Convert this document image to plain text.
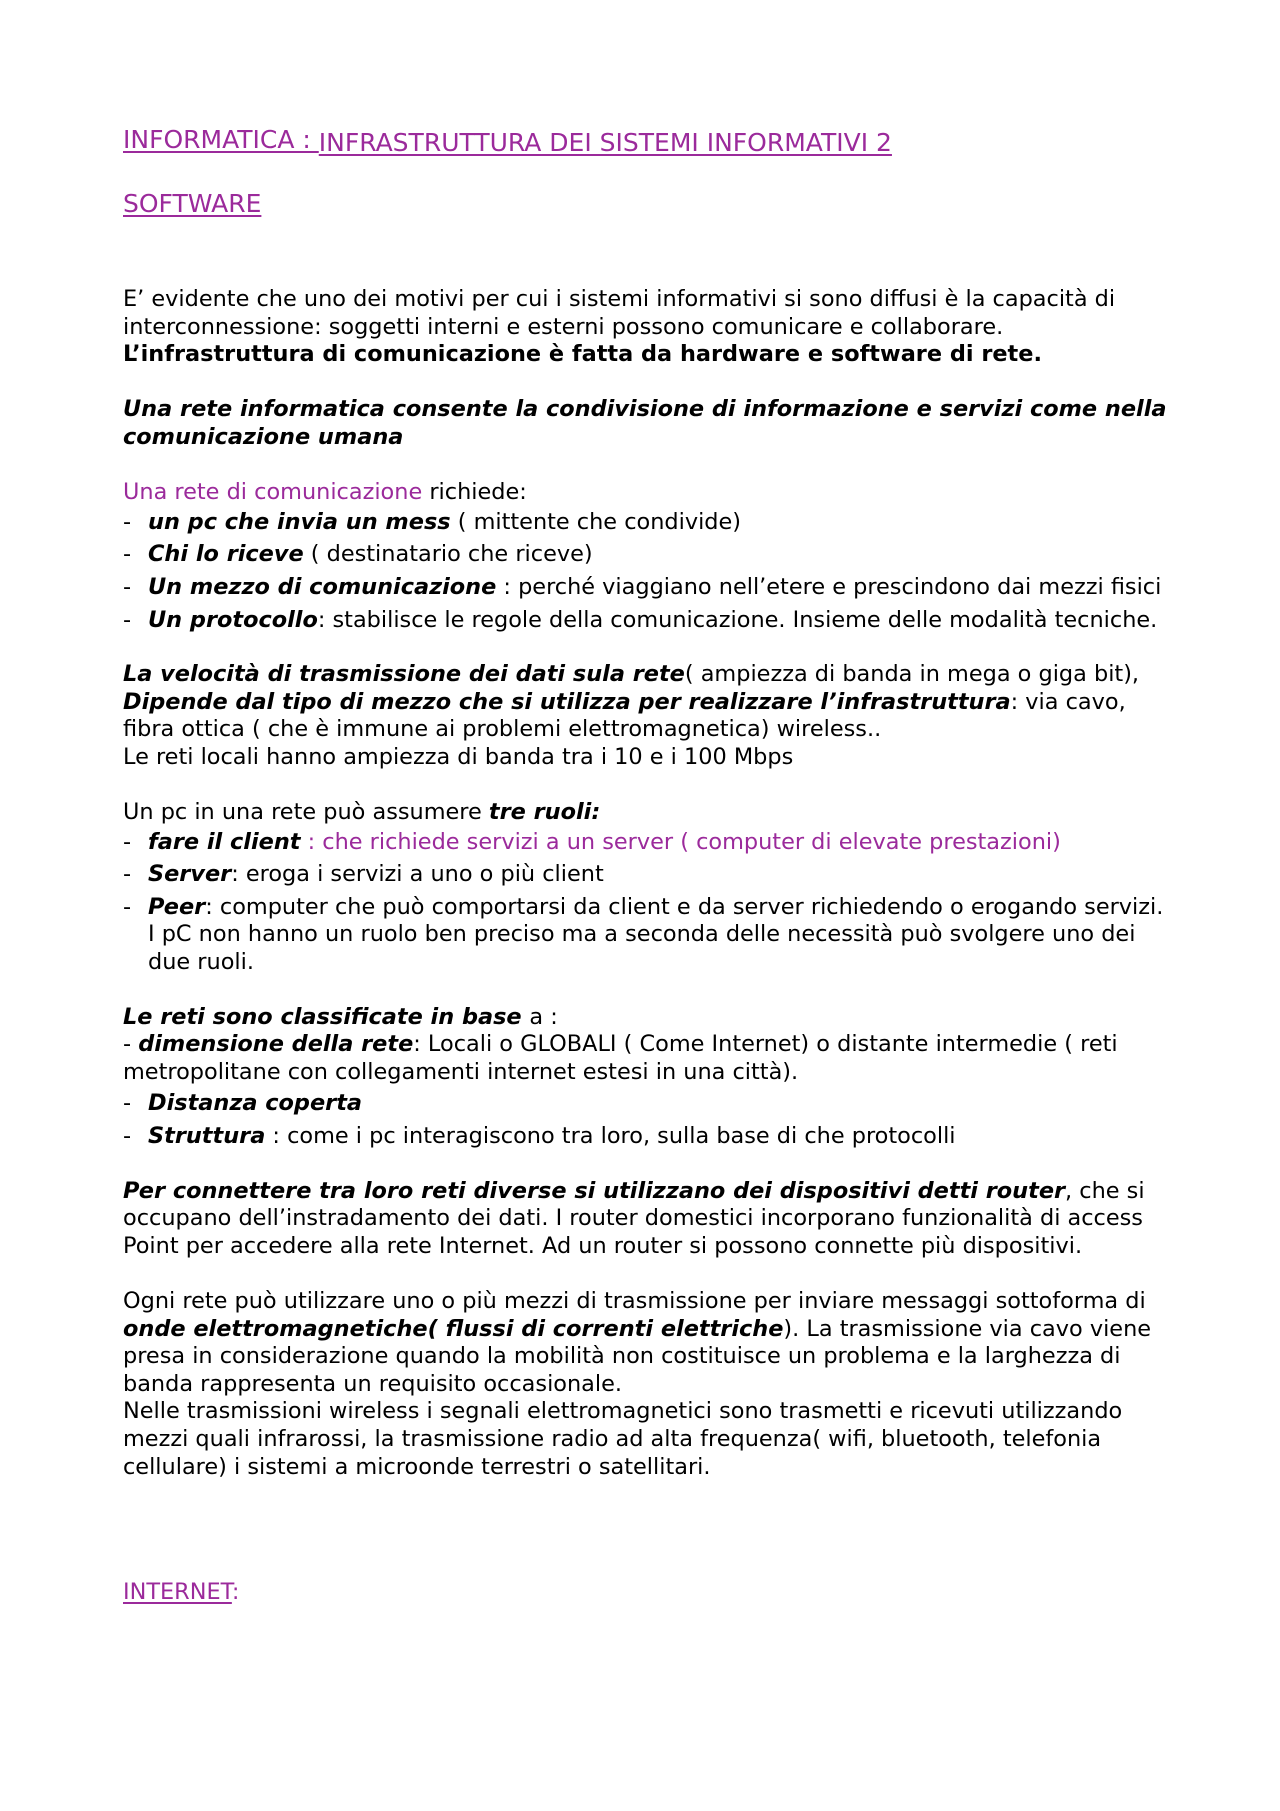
INFORMATICA : INFRASTRUTTURA DEI SISTEMI INFORMATIVI 2
SOFTWARE

E’ evidente che uno dei motivi per cui i sistemi informativi si sono diffusi è la capacità di interconnessione: soggetti interni e esterni possono comunicare e collaborare.
L’infrastruttura di comunicazione è fatta da hardware e software di rete.

Una rete informatica consente la condivisione di informazione e servizi come nella comunicazione umana

Una rete di comunicazione richiede:

- un pc che invia un mess ( mittente che condivide)
- Chi lo riceve ( destinatario che riceve)
- Un mezzo di comunicazione : perché viaggiano nell’etere e prescindono dai mezzi fisici
- Un protocollo: stabilisce le regole della comunicazione. Insieme delle modalità tecniche.

La velocità di trasmissione dei dati sula rete( ampiezza di banda in mega o giga bit), Dipende dal tipo di mezzo che si utilizza per realizzare l’infrastruttura: via cavo, fibra ottica ( che è immune ai problemi elettromagnetica) wireless..
Le reti locali hanno ampiezza di banda tra i 10 e i 100 Mbps

Un pc in una rete può assumere tre ruoli:

- fare il client : che richiede servizi a un server ( computer di elevate prestazioni)
- Server: eroga i servizi a uno o più client
- Peer: computer che può comportarsi da client e da server richiedendo o erogando servizi. I pC non hanno un ruolo ben preciso ma a seconda delle necessità può svolgere uno dei due ruoli.

Le reti sono classificate in base a :

- dimensione della rete: Locali o GLOBALI ( Come Internet) o distante intermedie ( reti metropolitane con collegamenti internet estesi in una città).

- Distanza coperta
- Struttura : come i pc interagiscono tra loro, sulla base di che protocolli

Per connettere tra loro reti diverse si utilizzano dei dispositivi detti router, che si occupano dell’instradamento dei dati. I router domestici incorporano funzionalità di access Point per accedere alla rete Internet. Ad un router si possono connette più dispositivi.

Ogni rete può utilizzare uno o più mezzi di trasmissione per inviare messaggi sottoforma di onde elettromagnetiche( flussi di correnti elettriche). La trasmissione via cavo viene presa in considerazione quando la mobilità non costituisce un problema e la larghezza di banda rappresenta un requisito occasionale.
Nelle trasmissioni wireless i segnali elettromagnetici sono trasmetti e ricevuti utilizzando mezzi quali infrarossi, la trasmissione radio ad alta frequenza( wifi, bluetooth, telefonia cellulare) i sistemi a microonde terrestri o satellitari.

INTERNET:
